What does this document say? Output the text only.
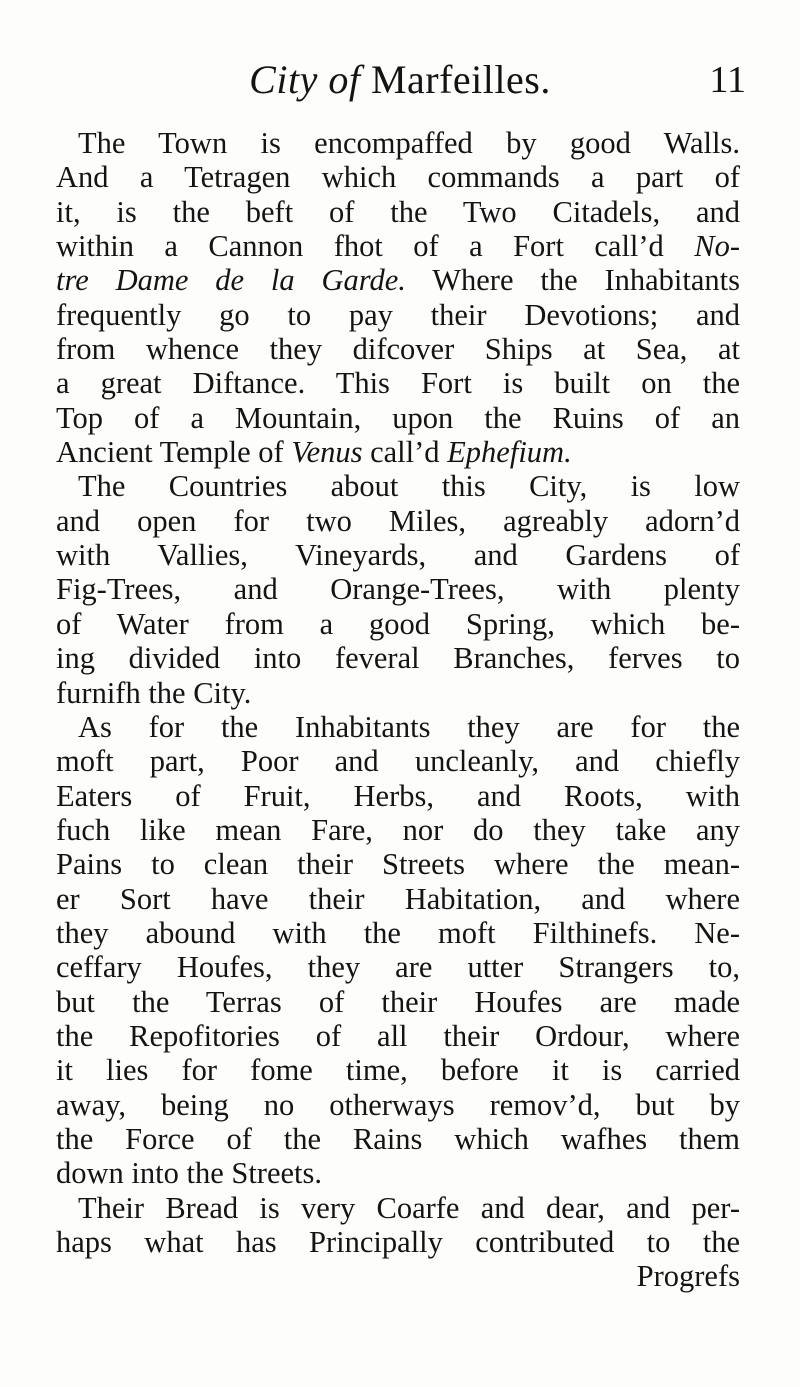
City of Marfeilles.	11
The Town is encompaffed by good Walls.
And a Tetragen which commands a part of
it, is the beft of the Two Citadels, and
within a Cannon fhot of a Fort call’d No-
tre Dame de la Garde. Where the Inhabitants
frequently go to pay their Devotions; and
from whence they difcover Ships at Sea, at
a great Diftance. This Fort is built on the
Top of a Mountain, upon the Ruins of an
Ancient Temple of Venus call’d Ephefium.
The Countries about this City, is low
and open for two Miles, agreably adorn’d
with Vallies, Vineyards, and Gardens of
Fig-Trees, and Orange-Trees, with plenty
of Water from a good Spring, which be-
ing divided into feveral Branches, ferves to
furnifh the City.
As for the Inhabitants they are for the
moft part, Poor and uncleanly, and chiefly
Eaters of Fruit, Herbs, and Roots, with
fuch like mean Fare, nor do they take any
Pains to clean their Streets where the mean-
er Sort have their Habitation, and where
they abound with the moft Filthinefs. Ne-
ceffary Houfes, they are utter Strangers to,
but the Terras of their Houfes are made
the Repofitories of all their Ordour, where
it lies for fome time, before it is carried
away, being no otherways remov’d, but by
the Force of the Rains which wafhes them
down into the Streets.
Their Bread is very Coarfe and dear, and per-
haps what has Principally contributed to the
Progrefs
